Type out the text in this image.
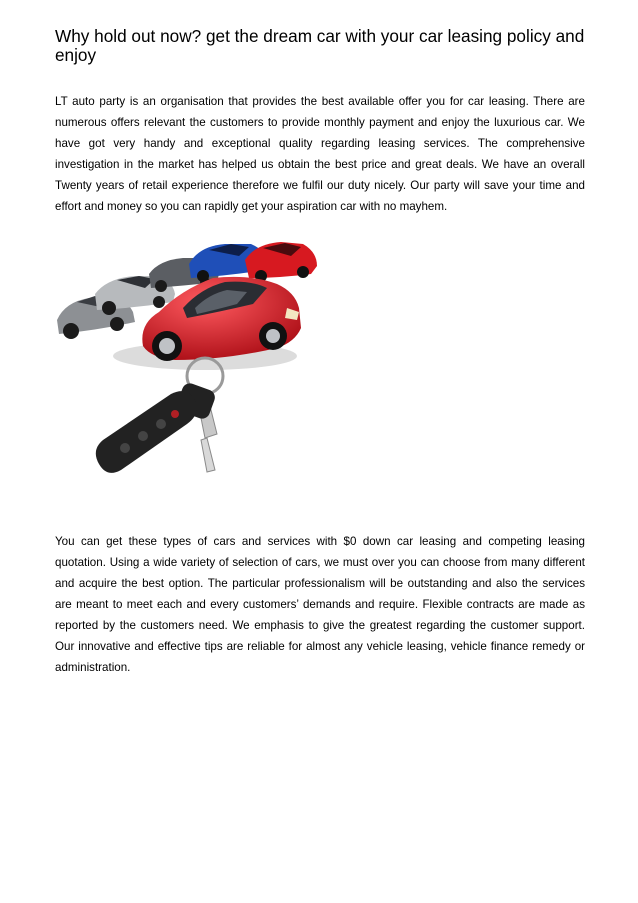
Why hold out now? get the dream car with your car leasing policy and enjoy

LT auto party is an organisation that provides the best available offer you for car leasing. There are numerous offers relevant the customers to provide monthly payment and enjoy the luxurious car. We have got very handy and exceptional quality regarding leasing services. The comprehensive investigation in the market has helped us obtain the best price and great deals. We have an overall Twenty years of retail experience therefore we fulfil our duty nicely. Our party will save your time and effort and money so you can rapidly get your aspiration car with no mayhem.

You can get these types of cars and services with $0 down car leasing and competing leasing quotation. Using a wide variety of selection of cars, we must over you can choose from many different and acquire the best option. The particular professionalism will be outstanding and also the services are meant to meet each and every customers’ demands and require. Flexible contracts are made as reported by the customers need. We emphasis to give the greatest regarding the customer support. Our innovative and effective tips are reliable for almost any vehicle leasing, vehicle finance remedy or administration.
